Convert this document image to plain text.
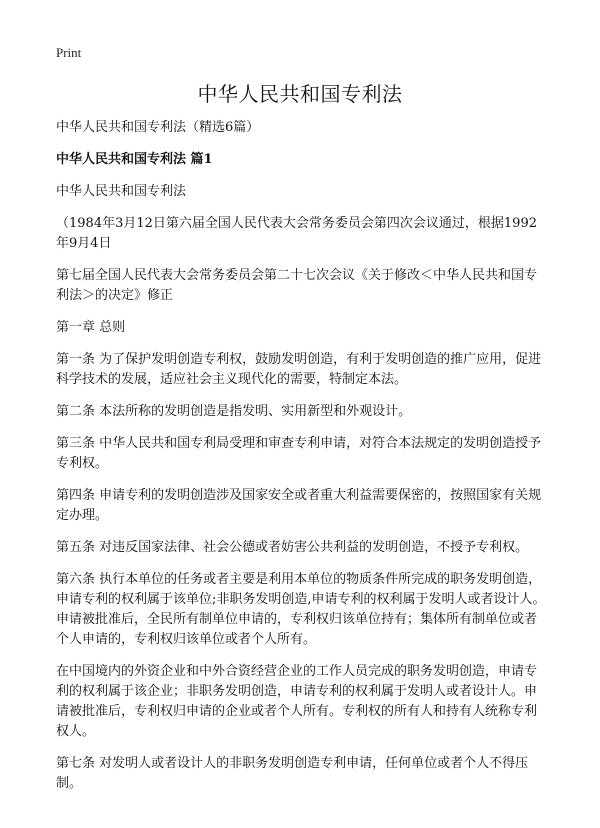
Print
中华人民共和国专利法

中华人民共和国专利法（精选6篇）

中华人民共和国专利法 篇1

中华人民共和国专利法

（1984年3月12日第六届全国人民代表大会常务委员会第四次会议通过，根据1992年9月4日

第七届全国人民代表大会常务委员会第二十七次会议《关于修改＜中华人民共和国专利法＞的决定》修正

第一章 总则

第一条 为了保护发明创造专利权，鼓励发明创造，有利于发明创造的推广应用，促进科学技术的发展，适应社会主义现代化的需要，特制定本法。

第二条 本法所称的发明创造是指发明、实用新型和外观设计。

第三条 中华人民共和国专利局受理和审查专利申请，对符合本法规定的发明创造授予专利权。

第四条 申请专利的发明创造涉及国家安全或者重大利益需要保密的，按照国家有关规定办理。

第五条 对违反国家法律、社会公德或者妨害公共利益的发明创造，不授予专利权。

第六条 执行本单位的任务或者主要是利用本单位的物质条件所完成的职务发明创造，申请专利的权利属于该单位;非职务发明创造,申请专利的权利属于发明人或者设计人。申请被批准后，全民所有制单位申请的，专利权归该单位持有；集体所有制单位或者个人申请的，专利权归该单位或者个人所有。

在中国境内的外资企业和中外合资经营企业的工作人员完成的职务发明创造，申请专利的权利属于该企业；非职务发明创造，申请专利的权利属于发明人或者设计人。申请被批准后，专利权归申请的企业或者个人所有。专利权的所有人和持有人统称专利权人。

第七条 对发明人或者设计人的非职务发明创造专利申请，任何单位或者个人不得压制。
